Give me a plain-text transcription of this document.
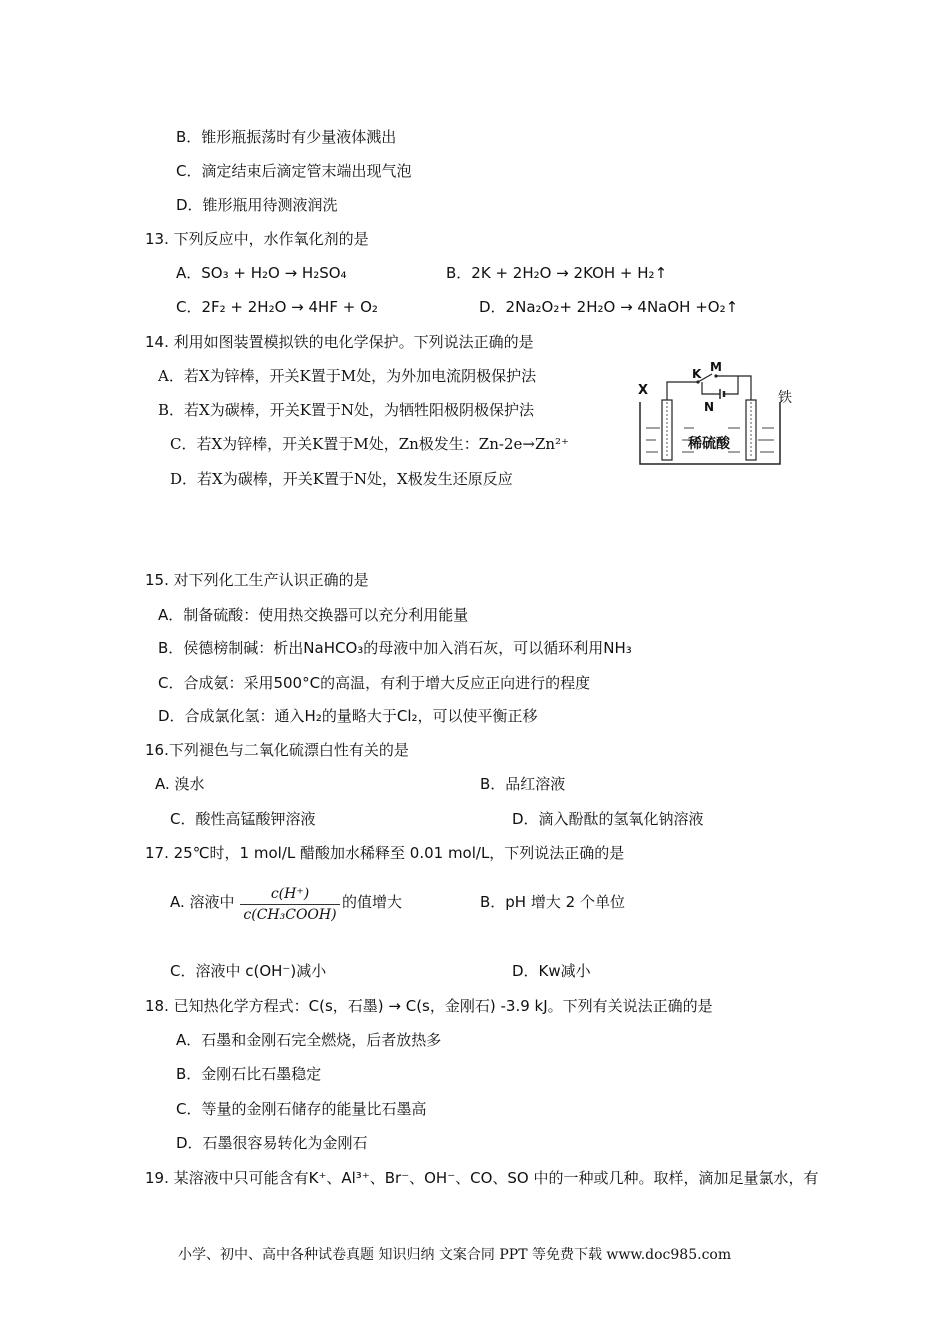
B．锥形瓶振荡时有少量液体溅出
C．滴定结束后滴定管末端出现气泡
D．锥形瓶用待测液润洗
13. 下列反应中，水作氧化剂的是
A．SO₃ + H₂O → H₂SO₄	B．2K + 2H₂O → 2KOH + H₂↑
C．2F₂ + 2H₂O → 4HF + O₂	D．2Na₂O₂+ 2H₂O → 4NaOH +O₂↑
14. 利用如图装置模拟铁的电化学保护。下列说法正确的是
A．若X为锌棒，开关K置于M处，为外加电流阴极保护法
B．若X为碳棒，开关K置于N处，为牺牲阳极阴极保护法
C．若X为锌棒，开关K置于M处，Zn极发生：Zn-2e→Zn²⁺
D．若X为碳棒，开关K置于N处，X极发生还原反应
X
K M
N
铁
稀硫酸
15. 对下列化工生产认识正确的是
A．制备硫酸：使用热交换器可以充分利用能量
B．侯德榜制碱：析出NaHCO₃的母液中加入消石灰，可以循环利用NH₃
C．合成氨：采用500°C的高温，有利于增大反应正向进行的程度
D．合成氯化氢：通入H₂的量略大于Cl₂，可以使平衡正移
16.下列褪色与二氧化硫漂白性有关的是
A. 溴水	B．品红溶液
C．酸性高锰酸钾溶液	D．滴入酚酞的氢氧化钠溶液
17. 25℃时，1 mol/L 醋酸加水稀释至 0.01 mol/L，下列说法正确的是
A. 溶液中	c(H⁺)
c(CH₃COOH)
的值增大	B．pH 增大 2 个单位
C．溶液中 c(OH⁻)减小	D．Kw减小
18. 已知热化学方程式：C(s，石墨) → C(s，金刚石) -3.9 kJ。下列有关说法正确的是
A．石墨和金刚石完全燃烧，后者放热多
B．金刚石比石墨稳定
C．等量的金刚石储存的能量比石墨高
D．石墨很容易转化为金刚石
19. 某溶液中只可能含有K⁺、Al³⁺、Br⁻、OH⁻、CO、SO 中的一种或几种。取样，滴加足量氯水，有
小学、初中、高中各种试卷真题 知识归纳 文案合同 PPT 等免费下载 www.doc985.com
